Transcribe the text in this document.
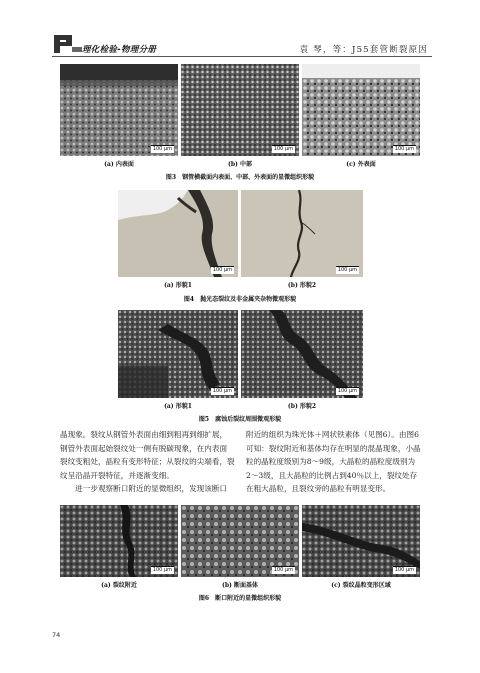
理化检验-物理分册	袁 琴，等：J55套管断裂原因
100 μm	100 μm	100 μm
(a) 内表面	(b) 中部	(c) 外表面
图3　钢管横截面内表面、中部、外表面的显微组织形貌
100 μm	100 μm
(a) 形貌1	(b) 形貌2
图4　抛光态裂纹及非金属夹杂物微观形貌
100 μm	100 μm
(a) 形貌1	(b) 形貌2
图5　腐蚀后裂纹周围微观形貌
晶现象。裂纹从钢管外表面由细到粗再到细扩展，
钢管外表面起始裂纹处一侧有脱碳现象，在内表面
裂纹变粗处，晶粒有变形特征；从裂纹的尖端看，裂
纹呈沿晶开裂特征，并逐渐变细。
　　进一步观察断口附近的显微组织，发现该断口
附近的组织为珠光体＋网状铁素体（见图6）。由图6
可知：裂纹附近和基体均存在明显的混晶现象，小晶
粒的晶粒度级别为8～9级，大晶粒的晶粒度级别为
2～3级，且大晶粒的比例占到40％以上，裂纹处存
在粗大晶粒，且裂纹旁的晶粒有明显变形。
100 μm	100 μm	100 μm
(a) 裂纹附近	(b) 断面基体	(c) 裂纹晶粒变形区域
图6　断口附近的显微组织形貌
74
